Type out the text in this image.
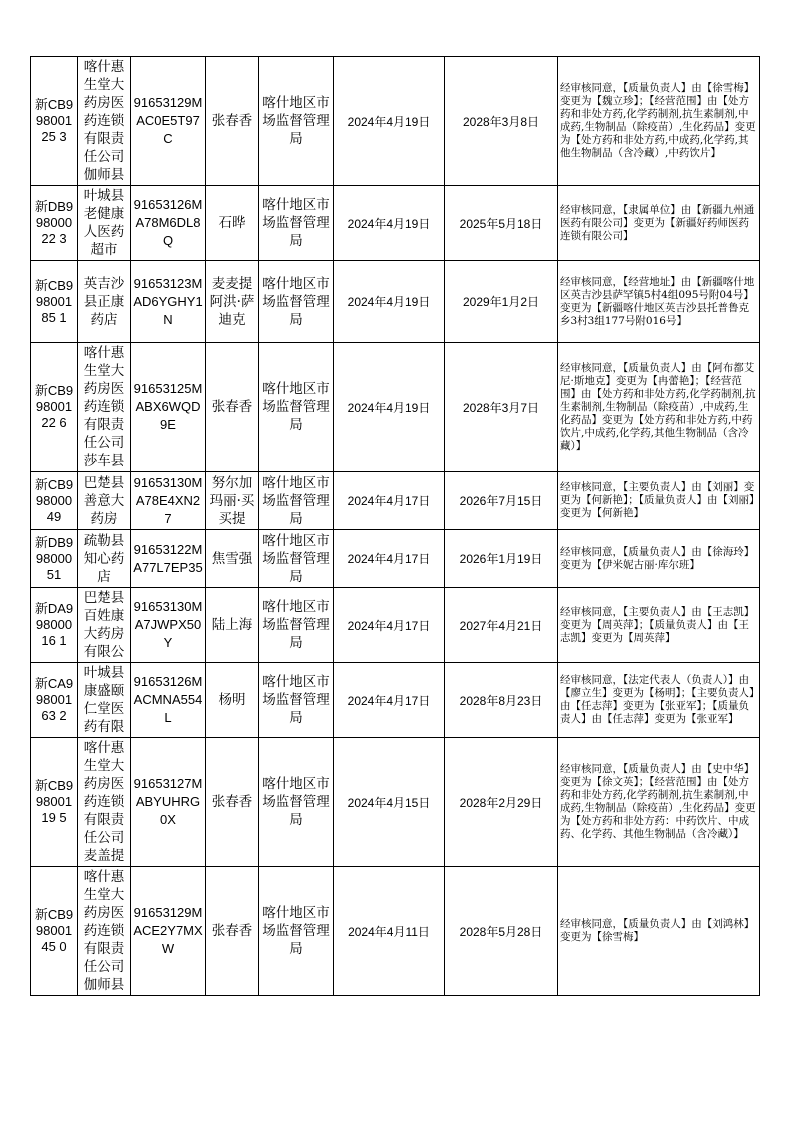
新CB99800125 3	喀什惠生堂大药房医药连锁有限责任公司伽师县	91653129MAC0E5T97C	张春香	喀什地区市场监督管理局	2024年4月19日	2028年3月8日	经审核同意，【质量负责人】由【徐雪梅】变更为【魏立珍】；【经营范围】由【处方药和非处方药,化学药制剂,抗生素制剂,中成药,生物制品（除疫苗）,生化药品】变更为【处方药和非处方药,中成药,化学药,其他生物制品（含冷藏）,中药饮片】
新DB99800022 3	叶城县老健康人医药超市	91653126MA78M6DL8Q	石晔	喀什地区市场监督管理局	2024年4月19日	2025年5月18日	经审核同意，【隶属单位】由【新疆九州通医药有限公司】变更为【新疆好药师医药连锁有限公司】
新CB99800185 1	英吉沙县正康药店	91653123MAD6YGHY1N	麦麦提阿洪·萨迪克	喀什地区市场监督管理局	2024年4月19日	2029年1月2日	经审核同意，【经营地址】由【新疆喀什地区英吉沙县萨罕镇5村4组095号附04号】变更为【新疆喀什地区英吉沙县托普鲁克乡3村3组177号附016号】
新CB99800122 6	喀什惠生堂大药房医药连锁有限责任公司莎车县	91653125MABX6WQD9E	张春香	喀什地区市场监督管理局	2024年4月19日	2028年3月7日	经审核同意，【质量负责人】由【阿布都艾尼·斯地克】变更为【冉蕾艳】；【经营范围】由【处方药和非处方药,化学药制剂,抗生素制剂,生物制品（除疫苗）,中成药,生化药品】变更为【处方药和非处方药,中药饮片,中成药,化学药,其他生物制品（含冷藏）】
新CB99800049	巴楚县善意大药房	91653130MA78E4XN27	努尔加玛丽·买买提	喀什地区市场监督管理局	2024年4月17日	2026年7月15日	经审核同意，【主要负责人】由【刘丽】变更为【何新艳】；【质量负责人】由【刘丽】变更为【何新艳】
新DB99800051	疏勒县知心药店	91653122MA77L7EP35	焦雪强	喀什地区市场监督管理局	2024年4月17日	2026年1月19日	经审核同意，【质量负责人】由【徐海玲】变更为【伊米妮古丽·库尔班】
新DA99800016 1	巴楚县百姓康大药房有限公	91653130MA7JWPX50Y	陆上海	喀什地区市场监督管理局	2024年4月17日	2027年4月21日	经审核同意，【主要负责人】由【王志凯】变更为【周英萍】；【质量负责人】由【王志凯】变更为【周英萍】
新CA99800163 2	叶城县康盛颐仁堂医药有限	91653126MACMNA554L	杨明	喀什地区市场监督管理局	2024年4月17日	2028年8月23日	经审核同意，【法定代表人（负责人）】由【廖立生】变更为【杨明】；【主要负责人】由【任志萍】变更为【张亚军】；【质量负责人】由【任志萍】变更为【张亚军】
新CB99800119 5	喀什惠生堂大药房医药连锁有限责任公司麦盖提	91653127MABYUHRG0X	张春香	喀什地区市场监督管理局	2024年4月15日	2028年2月29日	经审核同意，【质量负责人】由【史中华】变更为【徐文英】；【经营范围】由【处方药和非处方药,化学药制剂,抗生素制剂,中成药,生物制品（除疫苗）,生化药品】变更为【处方药和非处方药：中药饮片、中成药、化学药、其他生物制品（含冷藏）】
新CB99800145 0	喀什惠生堂大药房医药连锁有限责任公司伽师县	91653129MACE2Y7MXW	张春香	喀什地区市场监督管理局	2024年4月11日	2028年5月28日	经审核同意，【质量负责人】由【刘鸿林】变更为【徐雪梅】
